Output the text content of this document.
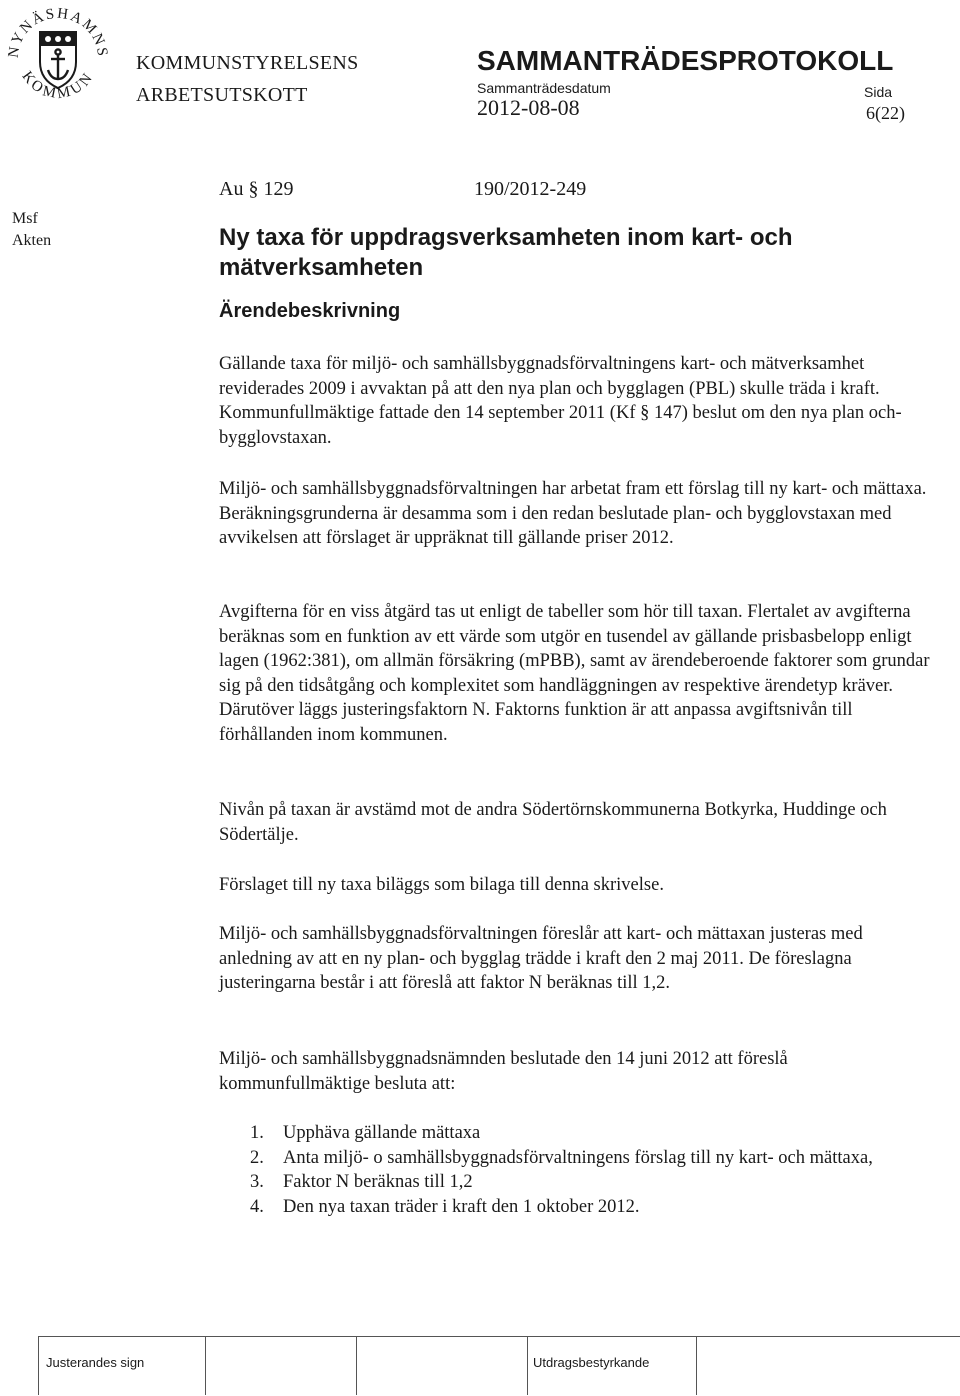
NYNÄSHAMNS
KOMMUN
KOMMUNSTYRELSENS
ARBETSUTSKOTT
SAMMANTRÄDESPROTOKOLL
Sammanträdesdatum
2012-08-08
Sida
6(22)
Au § 129	190/2012-249
Msf
Akten	Ny taxa för uppdragsverksamheten inom kart- och
mätverksamheten
Ärendebeskrivning

Gällande taxa för miljö- och samhällsbyggnadsförvaltningens kart- och mätverksamhet reviderades 2009 i avvaktan på att den nya plan och bygglagen (PBL) skulle träda i kraft. Kommunfullmäktige fattade den 14 september 2011 (Kf § 147) beslut om den nya plan och- bygglovstaxan.

Miljö- och samhällsbyggnadsförvaltningen har arbetat fram ett förslag till ny kart- och mättaxa. Beräkningsgrunderna är desamma som i den redan beslutade plan- och bygglovstaxan med avvikelsen att förslaget är uppräknat till gällande priser 2012.

Avgifterna för en viss åtgärd tas ut enligt de tabeller som hör till taxan. Flertalet av avgifterna beräknas som en funktion av ett värde som utgör en tusendel av gällande prisbasbelopp enligt lagen (1962:381), om allmän försäkring (mPBB), samt av ärendeberoende faktorer som grundar sig på den tidsåtgång och komplexitet som handläggningen av respektive ärendetyp kräver. Därutöver läggs justeringsfaktorn N. Faktorns funktion är att anpassa avgiftsnivån till förhållanden inom kommunen.

Nivån på taxan är avstämd mot de andra Södertörnskommunerna Botkyrka, Huddinge och Södertälje.

Förslaget till ny taxa biläggs som bilaga till denna skrivelse.

Miljö- och samhällsbyggnadsförvaltningen föreslår att kart- och mättaxan justeras med anledning av att en ny plan- och bygglag trädde i kraft den 2 maj 2011. De föreslagna justeringarna består i att föreslå att faktor N beräknas till 1,2.

Miljö- och samhällsbyggnadsnämnden beslutade den 14 juni 2012 att föreslå kommunfullmäktige besluta att:

1. Upphäva gällande mättaxa
2. Anta miljö- o samhällsbyggnadsförvaltningens förslag till ny kart- och mättaxa,
3. Faktor N beräknas till 1,2
4. Den nya taxan träder i kraft den 1 oktober 2012.
Justerandes sign	Utdragsbestyrkande
